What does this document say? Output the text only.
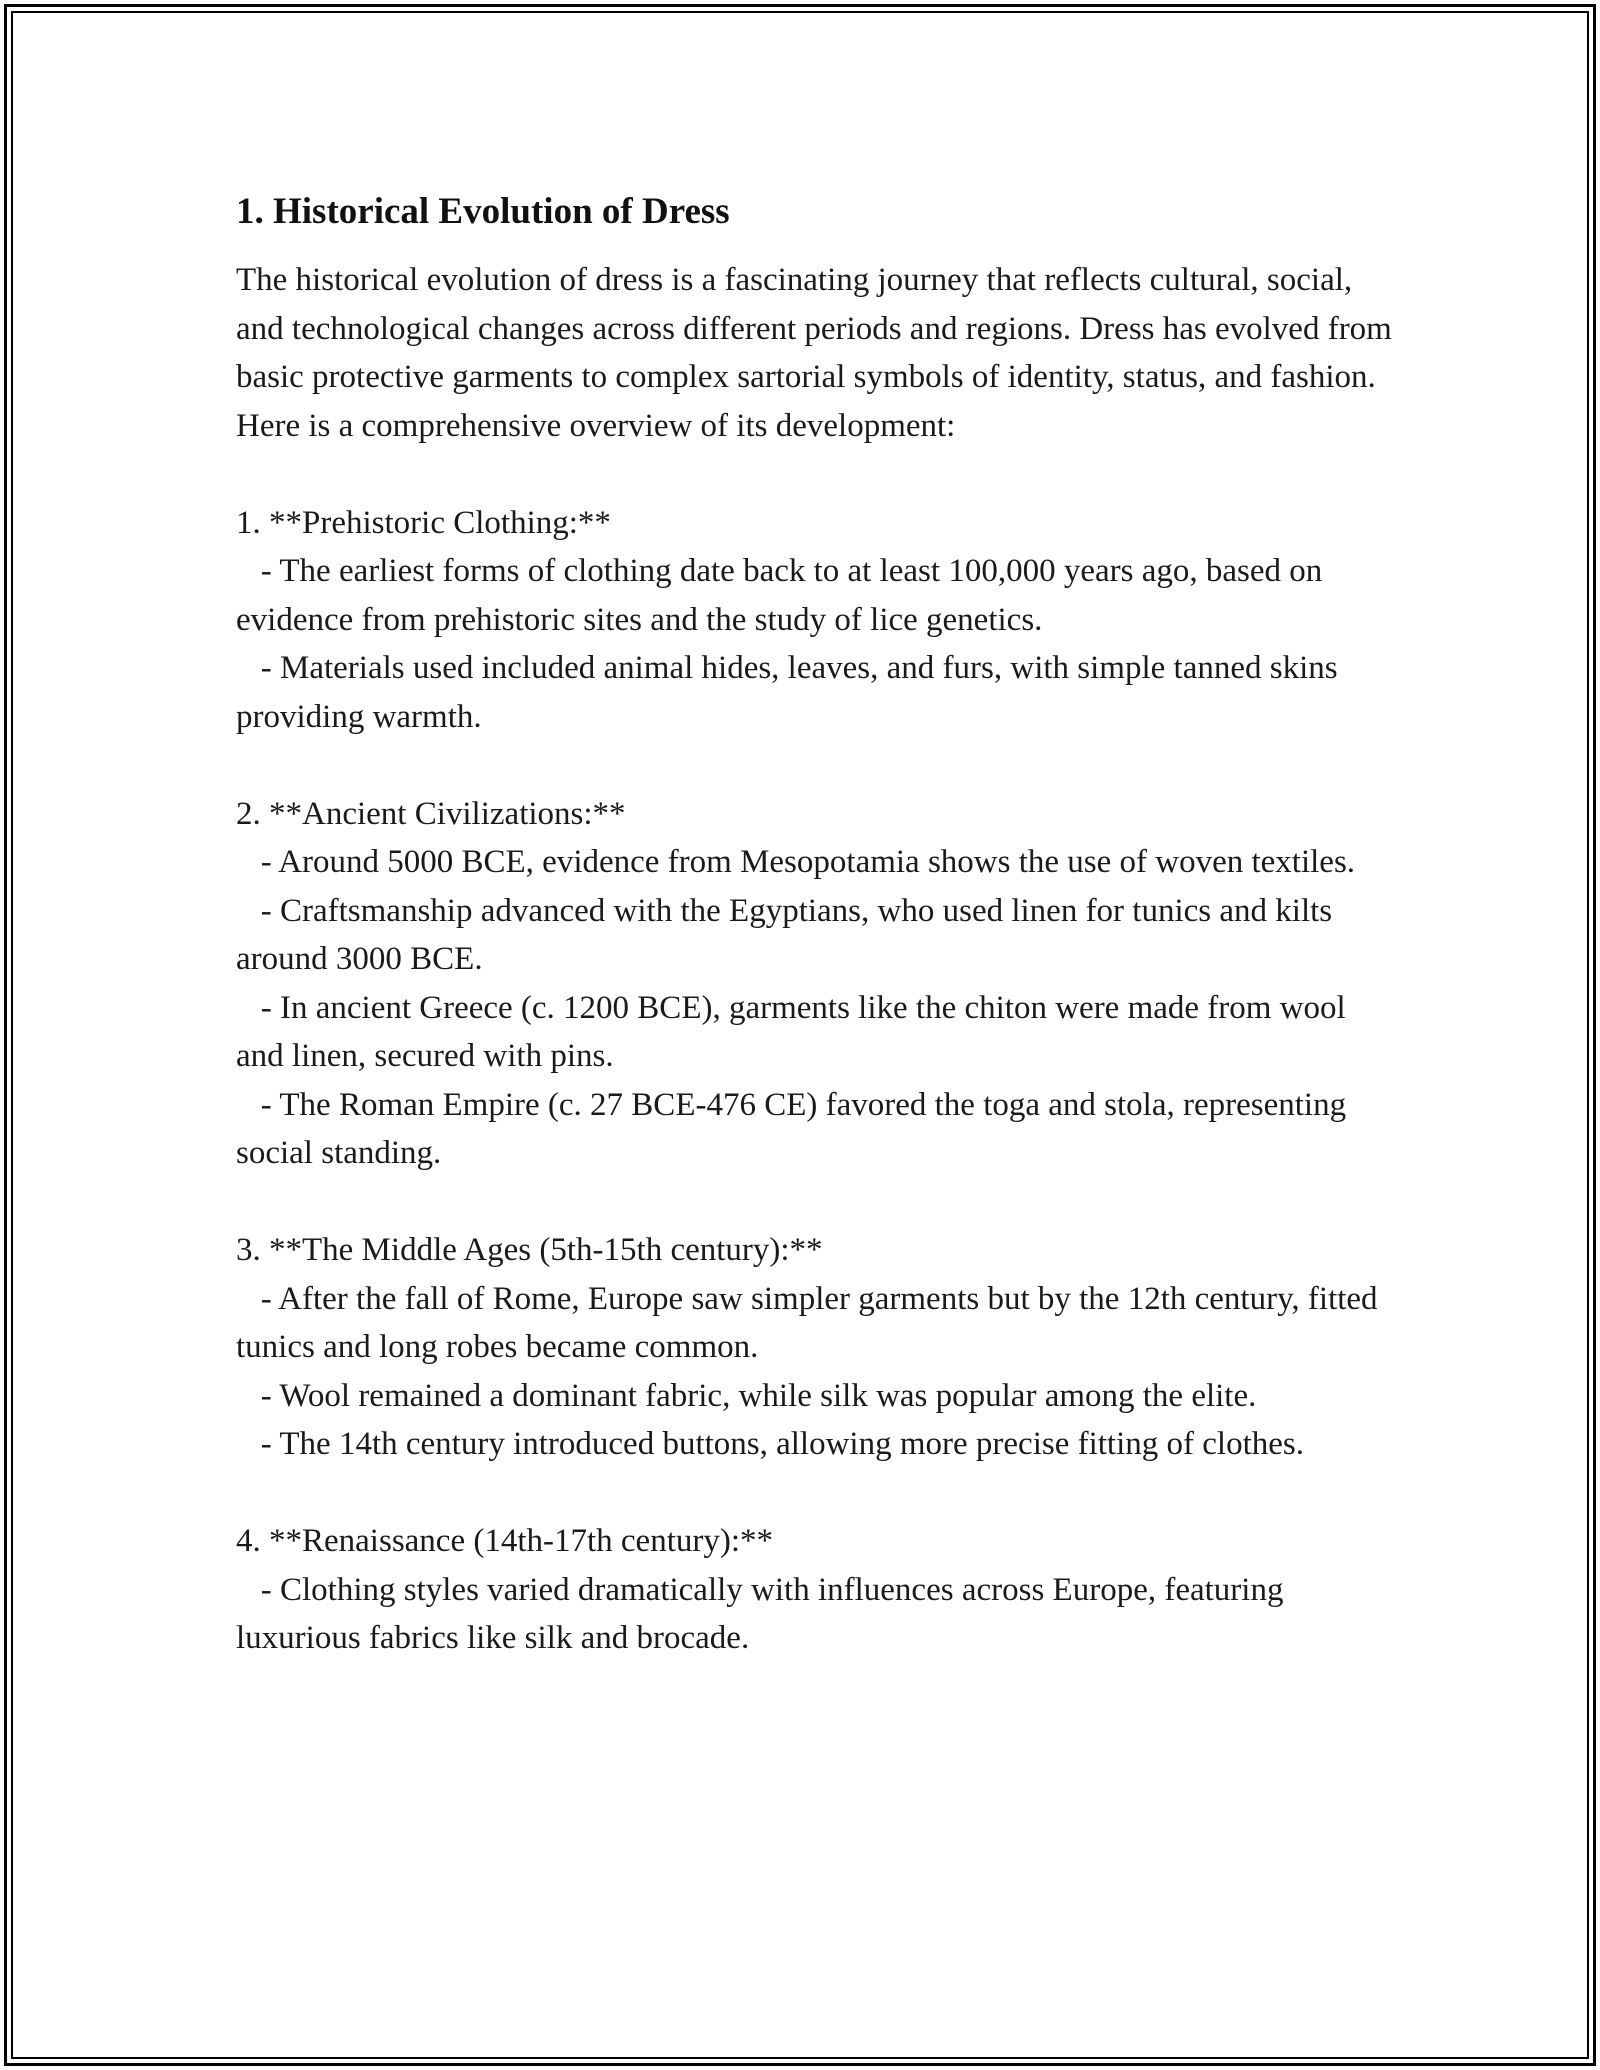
1. Historical Evolution of Dress

The historical evolution of dress is a fascinating journey that reflects cultural, social, and technological changes across different periods and regions. Dress has evolved from basic protective garments to complex sartorial symbols of identity, status, and fashion. Here is a comprehensive overview of its development:

1. **Prehistoric Clothing:**

- The earliest forms of clothing date back to at least 100,000 years ago, based on evidence from prehistoric sites and the study of lice genetics.

- Materials used included animal hides, leaves, and furs, with simple tanned skins providing warmth.

2. **Ancient Civilizations:**

- Around 5000 BCE, evidence from Mesopotamia shows the use of woven textiles.

- Craftsmanship advanced with the Egyptians, who used linen for tunics and kilts around 3000 BCE.

- In ancient Greece (c. 1200 BCE), garments like the chiton were made from wool and linen, secured with pins.

- The Roman Empire (c. 27 BCE-476 CE) favored the toga and stola, representing social standing.

3. **The Middle Ages (5th-15th century):**

- After the fall of Rome, Europe saw simpler garments but by the 12th century, fitted tunics and long robes became common.

- Wool remained a dominant fabric, while silk was popular among the elite.

- The 14th century introduced buttons, allowing more precise fitting of clothes.

4. **Renaissance (14th-17th century):**

- Clothing styles varied dramatically with influences across Europe, featuring luxurious fabrics like silk and brocade.
